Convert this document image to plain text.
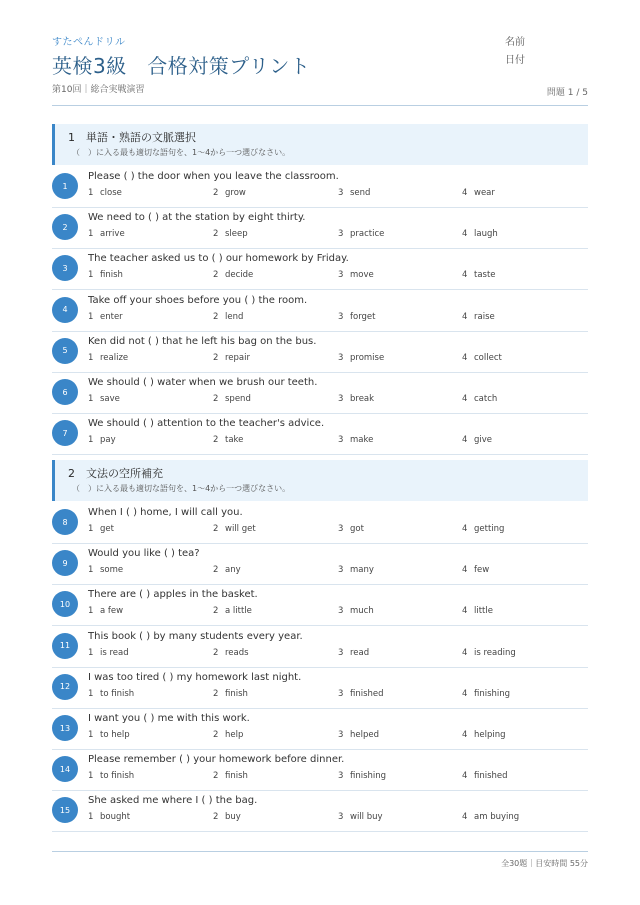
すたぺんドリル
英検3級　合格対策プリント
第10回｜総合実戦演習
名前
日付
問題 1 / 5
1　単語・熟語の文脈選択
（　）に入る最も適切な語句を、1〜4から一つ選びなさい。
1
Please ( ) the door when you leave the classroom.
1 close	2 grow	3 send	4 wear
2
We need to ( ) at the station by eight thirty.
1 arrive	2 sleep	3 practice	4 laugh
3
The teacher asked us to ( ) our homework by Friday.
1 finish	2 decide	3 move	4 taste
4
Take off your shoes before you ( ) the room.
1 enter	2 lend	3 forget	4 raise
5
Ken did not ( ) that he left his bag on the bus.
1 realize	2 repair	3 promise	4 collect
6
We should ( ) water when we brush our teeth.
1 save	2 spend	3 break	4 catch
7
We should ( ) attention to the teacher's advice.
1 pay	2 take	3 make	4 give
2　文法の空所補充
（　）に入る最も適切な語句を、1〜4から一つ選びなさい。
8
When I ( ) home, I will call you.
1 get	2 will get	3 got	4 getting
9
Would you like ( ) tea?
1 some	2 any	3 many	4 few
10
There are ( ) apples in the basket.
1 a few	2 a little	3 much	4 little
11
This book ( ) by many students every year.
1 is read	2 reads	3 read	4 is reading
12
I was too tired ( ) my homework last night.
1 to finish	2 finish	3 finished	4 finishing
13
I want you ( ) me with this work.
1 to help	2 help	3 helped	4 helping
14
Please remember ( ) your homework before dinner.
1 to finish	2 finish	3 finishing	4 finished
15
She asked me where I ( ) the bag.
1 bought	2 buy	3 will buy	4 am buying
全30題｜目安時間 55分
